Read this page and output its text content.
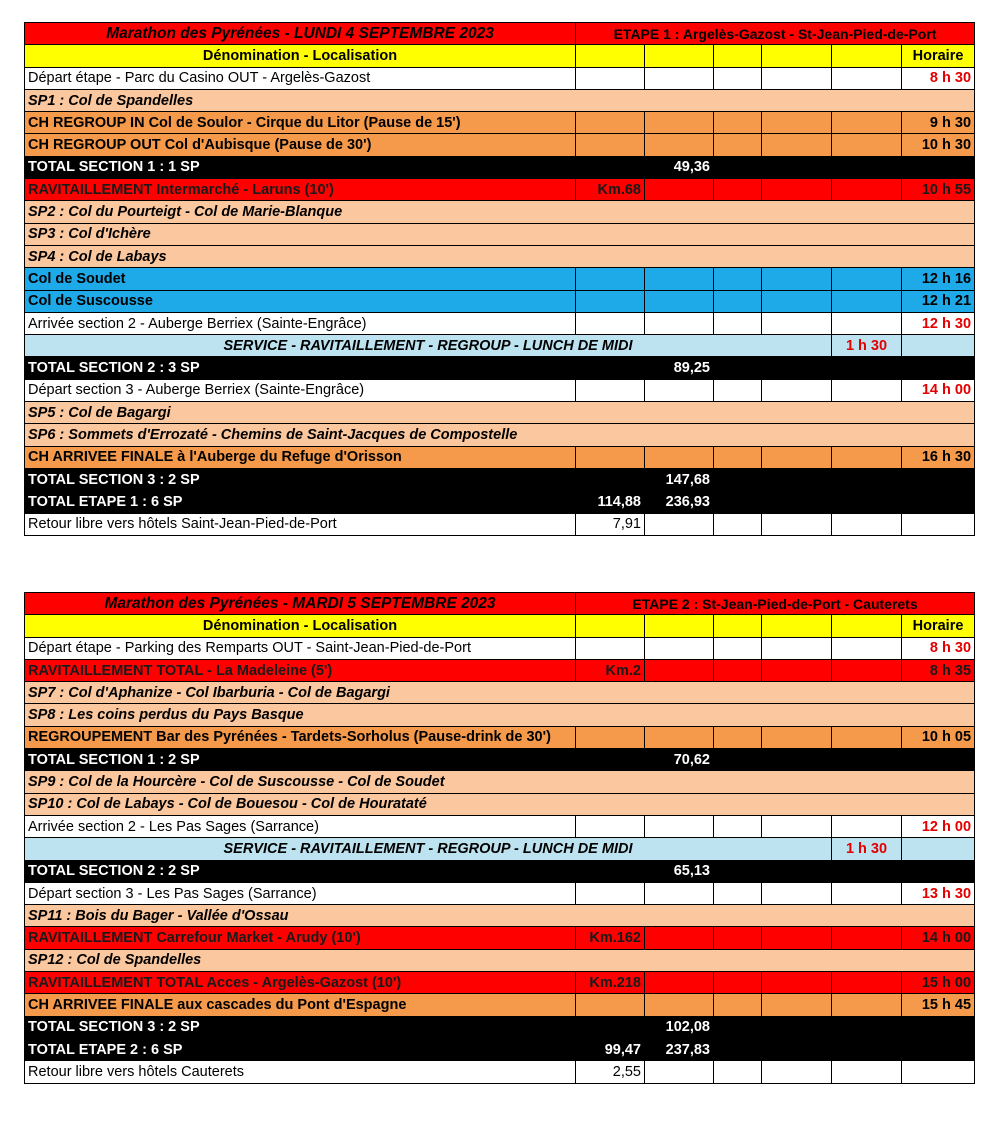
Marathon des Pyrénées - LUNDI 4 SEPTEMBRE 2023	ETAPE 1 : Argelès-Gazost - St-Jean-Pied-de-Port					
Dénomination - Localisation						Horaire
Départ étape - Parc du Casino OUT - Argelès-Gazost						8 h 30
SP1 : Col de Spandelles						
CH REGROUP IN Col de Soulor - Cirque du Litor (Pause de 15')						9 h 30
CH REGROUP OUT Col d'Aubisque (Pause de 30')						10 h 30
TOTAL SECTION 1 : 1 SP		49,36				
RAVITAILLEMENT Intermarché - Laruns (10')	Km.68					10 h 55
SP2 : Col du Pourteigt - Col de Marie-Blanque						
SP3 : Col d'Ichère						
SP4 : Col de Labays						
Col de Soudet						12 h 16
Col de Suscousse						12 h 21
Arrivée section 2 - Auberge Berriex (Sainte-Engrâce)						12 h 30
SERVICE - RAVITAILLEMENT - REGROUP - LUNCH DE MIDI					1 h 30	
TOTAL SECTION 2 : 3 SP		89,25				
Départ section 3 - Auberge Berriex (Sainte-Engrâce)						14 h 00
SP5 : Col de Bagargi						
SP6 : Sommets d'Errozaté - Chemins de Saint-Jacques de Compostelle						
CH ARRIVEE FINALE à l'Auberge du Refuge d'Orisson						16 h 30
TOTAL SECTION 3 : 2 SP		147,68				
TOTAL ETAPE 1 : 6 SP	114,88	236,93				
Retour libre vers hôtels Saint-Jean-Pied-de-Port	7,91					
Marathon des Pyrénées - MARDI 5 SEPTEMBRE 2023	ETAPE 2 : St-Jean-Pied-de-Port - Cauterets					
Dénomination - Localisation						Horaire
Départ étape - Parking des Remparts OUT - Saint-Jean-Pied-de-Port						8 h 30
RAVITAILLEMENT TOTAL - La Madeleine (5')	Km.2					8 h 35
SP7 : Col d'Aphanize - Col Ibarburia - Col de Bagargi						
SP8 : Les coins perdus du Pays Basque						
REGROUPEMENT Bar des Pyrénées - Tardets-Sorholus (Pause-drink de 30')						10 h 05
TOTAL SECTION 1 : 2 SP		70,62				
SP9 : Col de la Hourcère - Col de Suscousse - Col de Soudet						
SP10 : Col de Labays - Col de Bouesou - Col de Hourataté						
Arrivée section 2 - Les Pas Sages (Sarrance)						12 h 00
SERVICE - RAVITAILLEMENT - REGROUP - LUNCH DE MIDI					1 h 30	
TOTAL SECTION 2 : 2 SP		65,13				
Départ section 3 - Les Pas Sages (Sarrance)						13 h 30
SP11 : Bois du Bager - Vallée d'Ossau						
RAVITAILLEMENT Carrefour Market - Arudy (10')	Km.162					14 h 00
SP12 : Col de Spandelles						
RAVITAILLEMENT TOTAL Acces - Argelès-Gazost (10')	Km.218					15 h 00
CH ARRIVEE FINALE aux cascades du Pont d'Espagne						15 h 45
TOTAL SECTION 3 : 2 SP		102,08				
TOTAL ETAPE 2 : 6 SP	99,47	237,83				
Retour libre vers hôtels Cauterets	2,55					
